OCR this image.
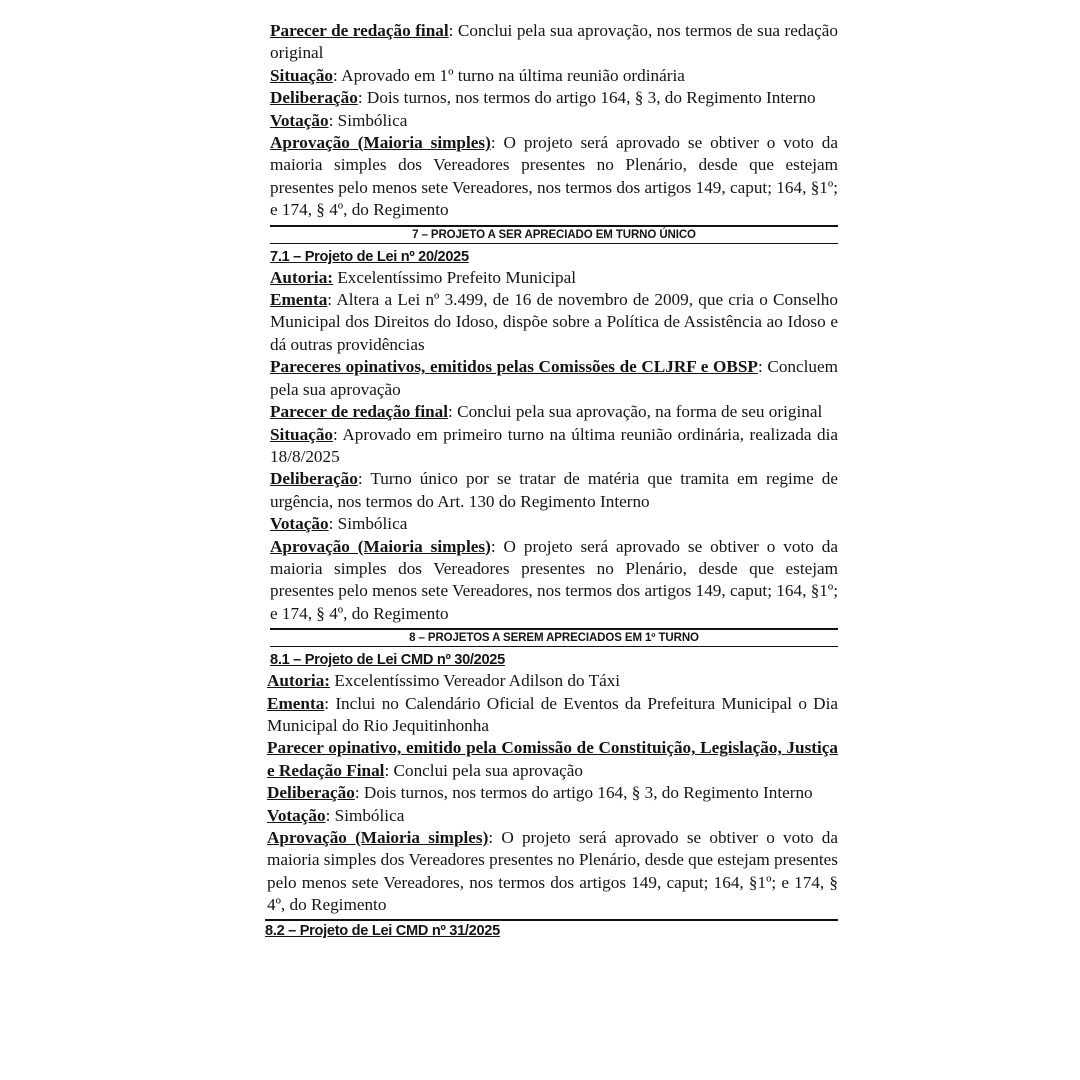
Parecer de redação final: Conclui pela sua aprovação, nos termos de sua redação original

Situação: Aprovado em 1º turno na última reunião ordinária

Deliberação: Dois turnos, nos termos do artigo 164, § 3, do Regimento Interno

Votação: Simbólica

Aprovação (Maioria simples): O projeto será aprovado se obtiver o voto da maioria simples dos Vereadores presentes no Plenário, desde que estejam presentes pelo menos sete Vereadores, nos termos dos artigos 149, caput; 164, §1º; e 174, § 4º, do Regimento

7 – PROJETO A SER APRECIADO EM TURNO ÚNICO

7.1 – Projeto de Lei nº 20/2025

Autoria: Excelentíssimo Prefeito Municipal

Ementa: Altera a Lei nº 3.499, de 16 de novembro de 2009, que cria o Conselho Municipal dos Direitos do Idoso, dispõe sobre a Política de Assistência ao Idoso e dá outras providências

Pareceres opinativos, emitidos pelas Comissões de CLJRF e OBSP: Concluem pela sua aprovação

Parecer de redação final: Conclui pela sua aprovação, na forma de seu original

Situação: Aprovado em primeiro turno na última reunião ordinária, realizada dia 18/8/2025

Deliberação: Turno único por se tratar de matéria que tramita em regime de urgência, nos termos do Art. 130 do Regimento Interno

Votação: Simbólica

Aprovação (Maioria simples): O projeto será aprovado se obtiver o voto da maioria simples dos Vereadores presentes no Plenário, desde que estejam presentes pelo menos sete Vereadores, nos termos dos artigos 149, caput; 164, §1º; e 174, § 4º, do Regimento

8 – PROJETOS A SEREM APRECIADOS EM 1º TURNO

8.1 – Projeto de Lei CMD nº 30/2025

Autoria: Excelentíssimo Vereador Adilson do Táxi

Ementa: Inclui no Calendário Oficial de Eventos da Prefeitura Municipal o Dia Municipal do Rio Jequitinhonha

Parecer opinativo, emitido pela Comissão de Constituição, Legislação, Justiça e Redação Final: Conclui pela sua aprovação

Deliberação: Dois turnos, nos termos do artigo 164, § 3, do Regimento Interno

Votação: Simbólica

Aprovação (Maioria simples): O projeto será aprovado se obtiver o voto da maioria simples dos Vereadores presentes no Plenário, desde que estejam presentes pelo menos sete Vereadores, nos termos dos artigos 149, caput; 164, §1º; e 174, § 4º, do Regimento

8.2 – Projeto de Lei CMD nº 31/2025
